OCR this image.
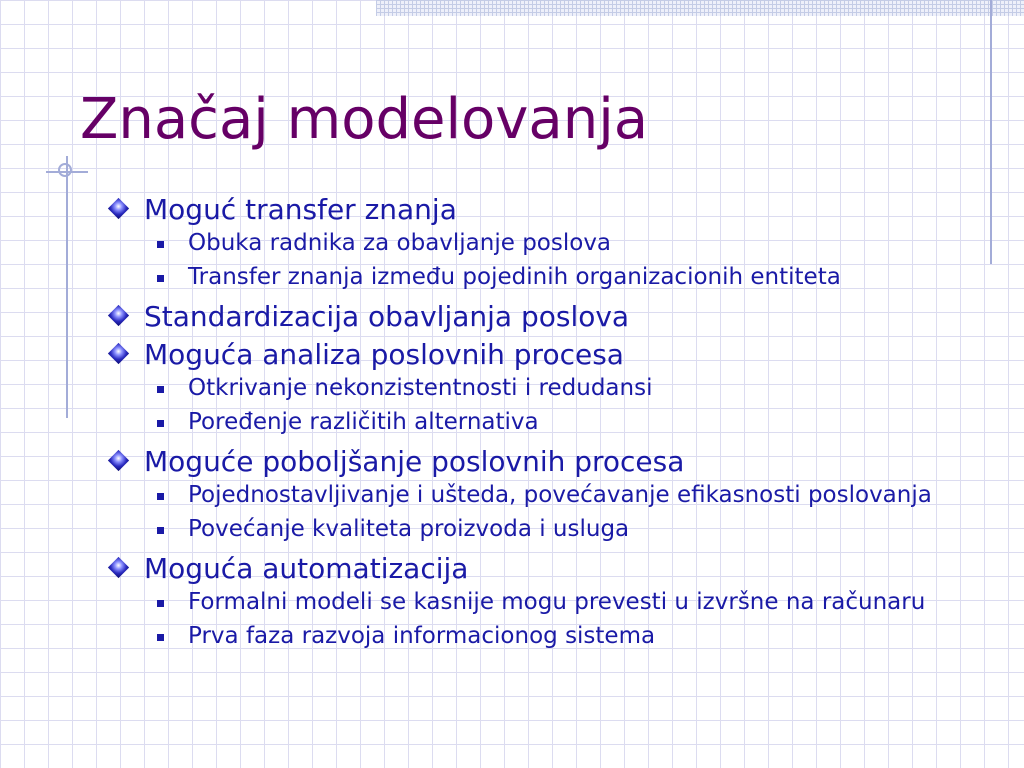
Značaj modelovanja
Moguć transfer znanja
Obuka radnika za obavljanje poslova
Transfer znanja između pojedinih organizacionih entiteta
Standardizacija obavljanja poslova
Moguća analiza poslovnih procesa
Otkrivanje nekonzistentnosti i redudansi
Poređenje različitih alternativa
Moguće poboljšanje poslovnih procesa
Pojednostavljivanje i ušteda, povećavanje efikasnosti poslovanja
Povećanje kvaliteta proizvoda i usluga
Moguća automatizacija
Formalni modeli se kasnije mogu prevesti u izvršne na računaru
Prva faza razvoja informacionog sistema
